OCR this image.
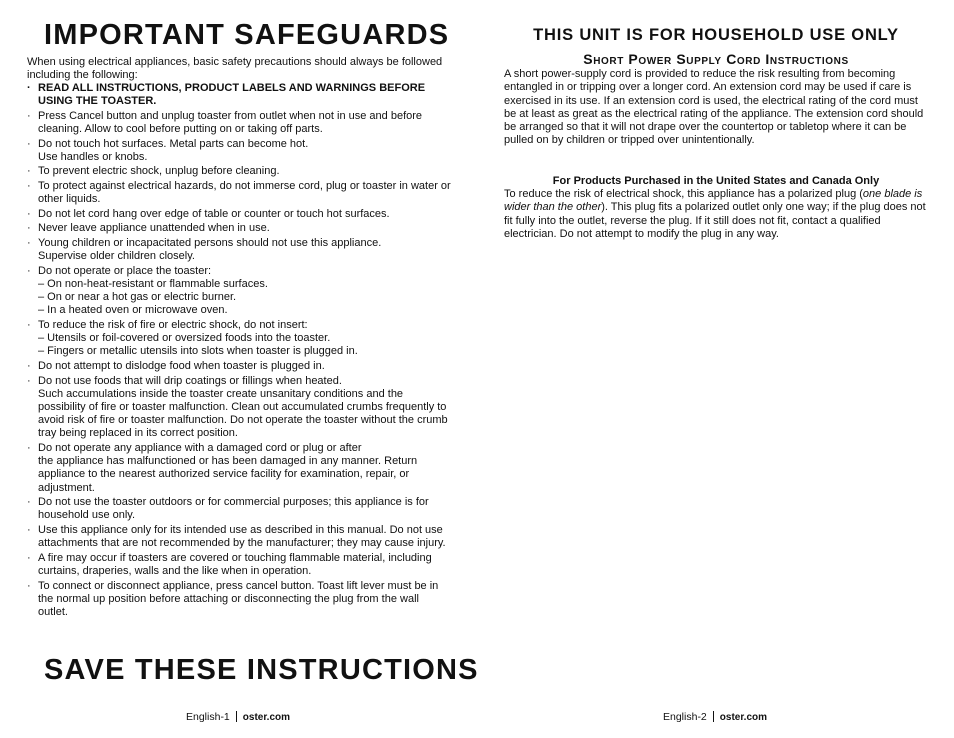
IMPORTANT SAFEGUARDS

When using electrical appliances, basic safety precautions should always be followed including the following:

· READ ALL INSTRUCTIONS, PRODUCT LABELS AND WARNINGS BEFORE USING THE TOASTER.
· Press Cancel button and unplug toaster from outlet when not in use and before cleaning. Allow to cool before putting on or taking off parts.
· Do not touch hot surfaces. Metal parts can become hot.
Use handles or knobs.
· To prevent electric shock, unplug before cleaning.
· To protect against electrical hazards, do not immerse cord, plug or toaster in water or other liquids.
· Do not let cord hang over edge of table or counter or touch hot surfaces.
· Never leave appliance unattended when in use.
· Young children or incapacitated persons should not use this appliance.
Supervise older children closely.
· Do not operate or place the toaster:
– On non-heat-resistant or flammable surfaces.
– On or near a hot gas or electric burner.
– In a heated oven or microwave oven.
· To reduce the risk of fire or electric shock, do not insert:
– Utensils or foil-covered or oversized foods into the toaster.
– Fingers or metallic utensils into slots when toaster is plugged in.
· Do not attempt to dislodge food when toaster is plugged in.
· Do not use foods that will drip coatings or fillings when heated.
Such accumulations inside the toaster create unsanitary conditions and the possibility of fire or toaster malfunction. Clean out accumulated crumbs frequently to avoid risk of fire or toaster malfunction. Do not operate the toaster without the crumb tray being replaced in its correct position.
· Do not operate any appliance with a damaged cord or plug or after
the appliance has malfunctioned or has been damaged in any manner. Return appliance to the nearest authorized service facility for examination, repair, or adjustment.
· Do not use the toaster outdoors or for commercial purposes; this appliance is for household use only.
· Use this appliance only for its intended use as described in this manual. Do not use attachments that are not recommended by the manufacturer; they may cause injury.
· A fire may occur if toasters are covered or touching flammable material, including curtains, draperies, walls and the like when in operation.
· To connect or disconnect appliance, press cancel button. Toast lift lever must be in the normal up position before attaching or disconnecting the plug from the wall outlet.
SAVE THESE INSTRUCTIONS
English-1 oster.com
THIS UNIT IS FOR HOUSEHOLD USE ONLY
Short Power Supply Cord Instructions

A short power-supply cord is provided to reduce the risk resulting from becoming entangled in or tripping over a longer cord. An extension cord may be used if care is exercised in its use. If an extension cord is used, the electrical rating of the cord must be at least as great as the electrical rating of the appliance. The extension cord should be arranged so that it will not drape over the countertop or tabletop where it can be pulled on by children or tripped over unintentionally.

For Products Purchased in the United States and Canada Only

To reduce the risk of electrical shock, this appliance has a polarized plug (one blade is wider than the other). This plug fits a polarized outlet only one way; if the plug does not fit fully into the outlet, reverse the plug. If it still does not fit, contact a qualified electrician. Do not attempt to modify the plug in any way.

English-2 oster.com
